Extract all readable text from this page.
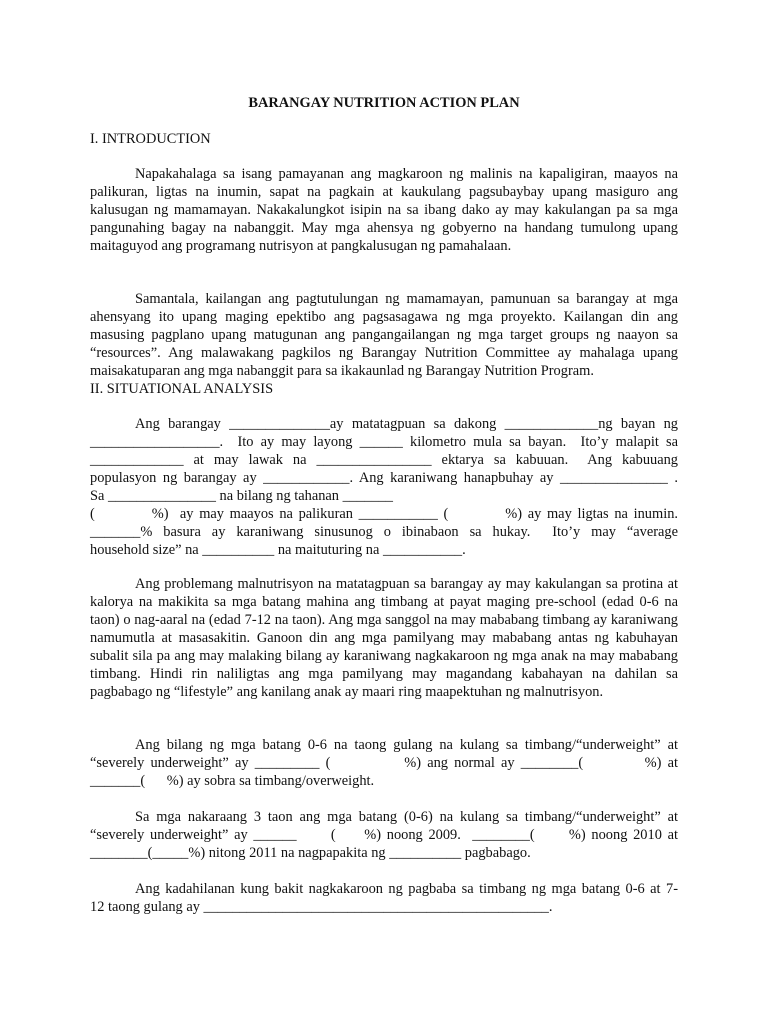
BARANGAY NUTRITION ACTION PLAN
I. INTRODUCTION
Napakahalaga sa isang pamayanan ang magkaroon ng malinis na kapaligiran, maayos na palikuran, ligtas na inumin, sapat na pagkain at kaukulang pagsubaybay upang masiguro ang kalusugan ng mamamayan. Nakakalungkot isipin na sa ibang dako ay may kakulangan pa sa mga pangunahing bagay na nabanggit. May mga ahensya ng gobyerno na handang tumulong upang maitaguyod ang programang nutrisyon at pangkalusugan ng pamahalaan.
Samantala, kailangan ang pagtutulungan ng mamamayan, pamunuan sa barangay at mga ahensyang ito upang maging epektibo ang pagsasagawa ng mga proyekto. Kailangan din ang masusing pagplano upang matugunan ang pangangailangan ng mga target groups ng naayon sa “resources”. Ang malawakang pagkilos ng Barangay Nutrition Committee ay mahalaga upang maisakatuparan ang mga nabanggit para sa ikakaunlad ng Barangay Nutrition Program.
II. SITUATIONAL ANALYSIS
Ang barangay ______________ay matatagpuan sa dakong _____________ng bayan ng
__________________.  Ito ay may layong ______ kilometro mula sa bayan.  Ito’y malapit sa
_____________ at may lawak na ________________ ektarya sa kabuuan.  Ang kabuuang
populasyon ng barangay ay ____________. Ang karaniwang hanapbuhay ay _______________ .
Sa _______________ na bilang ng tahanan _______
(          %)  ay may maayos na palikuran ___________ (          %) ay may ligtas na inumin.
_______% basura ay karaniwang sinusunog o ibinabaon sa hukay.  Ito’y may “average
household size” na __________ na maituturing na ___________.
Ang problemang malnutrisyon na matatagpuan sa barangay ay may kakulangan sa protina at kalorya na makikita sa mga batang mahina ang timbang at payat maging pre-school (edad 0-6 na taon) o nag-aaral na (edad 7-12 na taon). Ang mga sanggol na may mababang timbang ay karaniwang namumutla at masasakitin. Ganoon din ang mga pamilyang may mababang antas ng kabuhayan subalit sila pa ang may malaking bilang ay karaniwang nagkakaroon ng mga anak na may mababang timbang. Hindi rin naliligtas ang mga pamilyang may magandang kabahayan na dahilan sa pagbabago ng “lifestyle” ang kanilang anak ay maari ring maapektuhan ng malnutrisyon.
Ang bilang ng mga batang 0-6 na taong gulang na kulang sa timbang/“underweight” at
“severely underweight” ay _________ (            %) ang normal ay ________(          %) at
_______(      %) ay sobra sa timbang/overweight.
Sa mga nakaraang 3 taon ang mga batang (0-6) na kulang sa timbang/“underweight” at
“severely underweight” ay ______      (     %) noong 2009.  ________(      %) noong 2010 at
________(_____%) nitong 2011 na nagpapakita ng __________ pagbabago.
Ang kadahilanan kung bakit nagkakaroon ng pagbaba sa timbang ng mga batang 0-6 at 7-
12 taong gulang ay ________________________________________________.
